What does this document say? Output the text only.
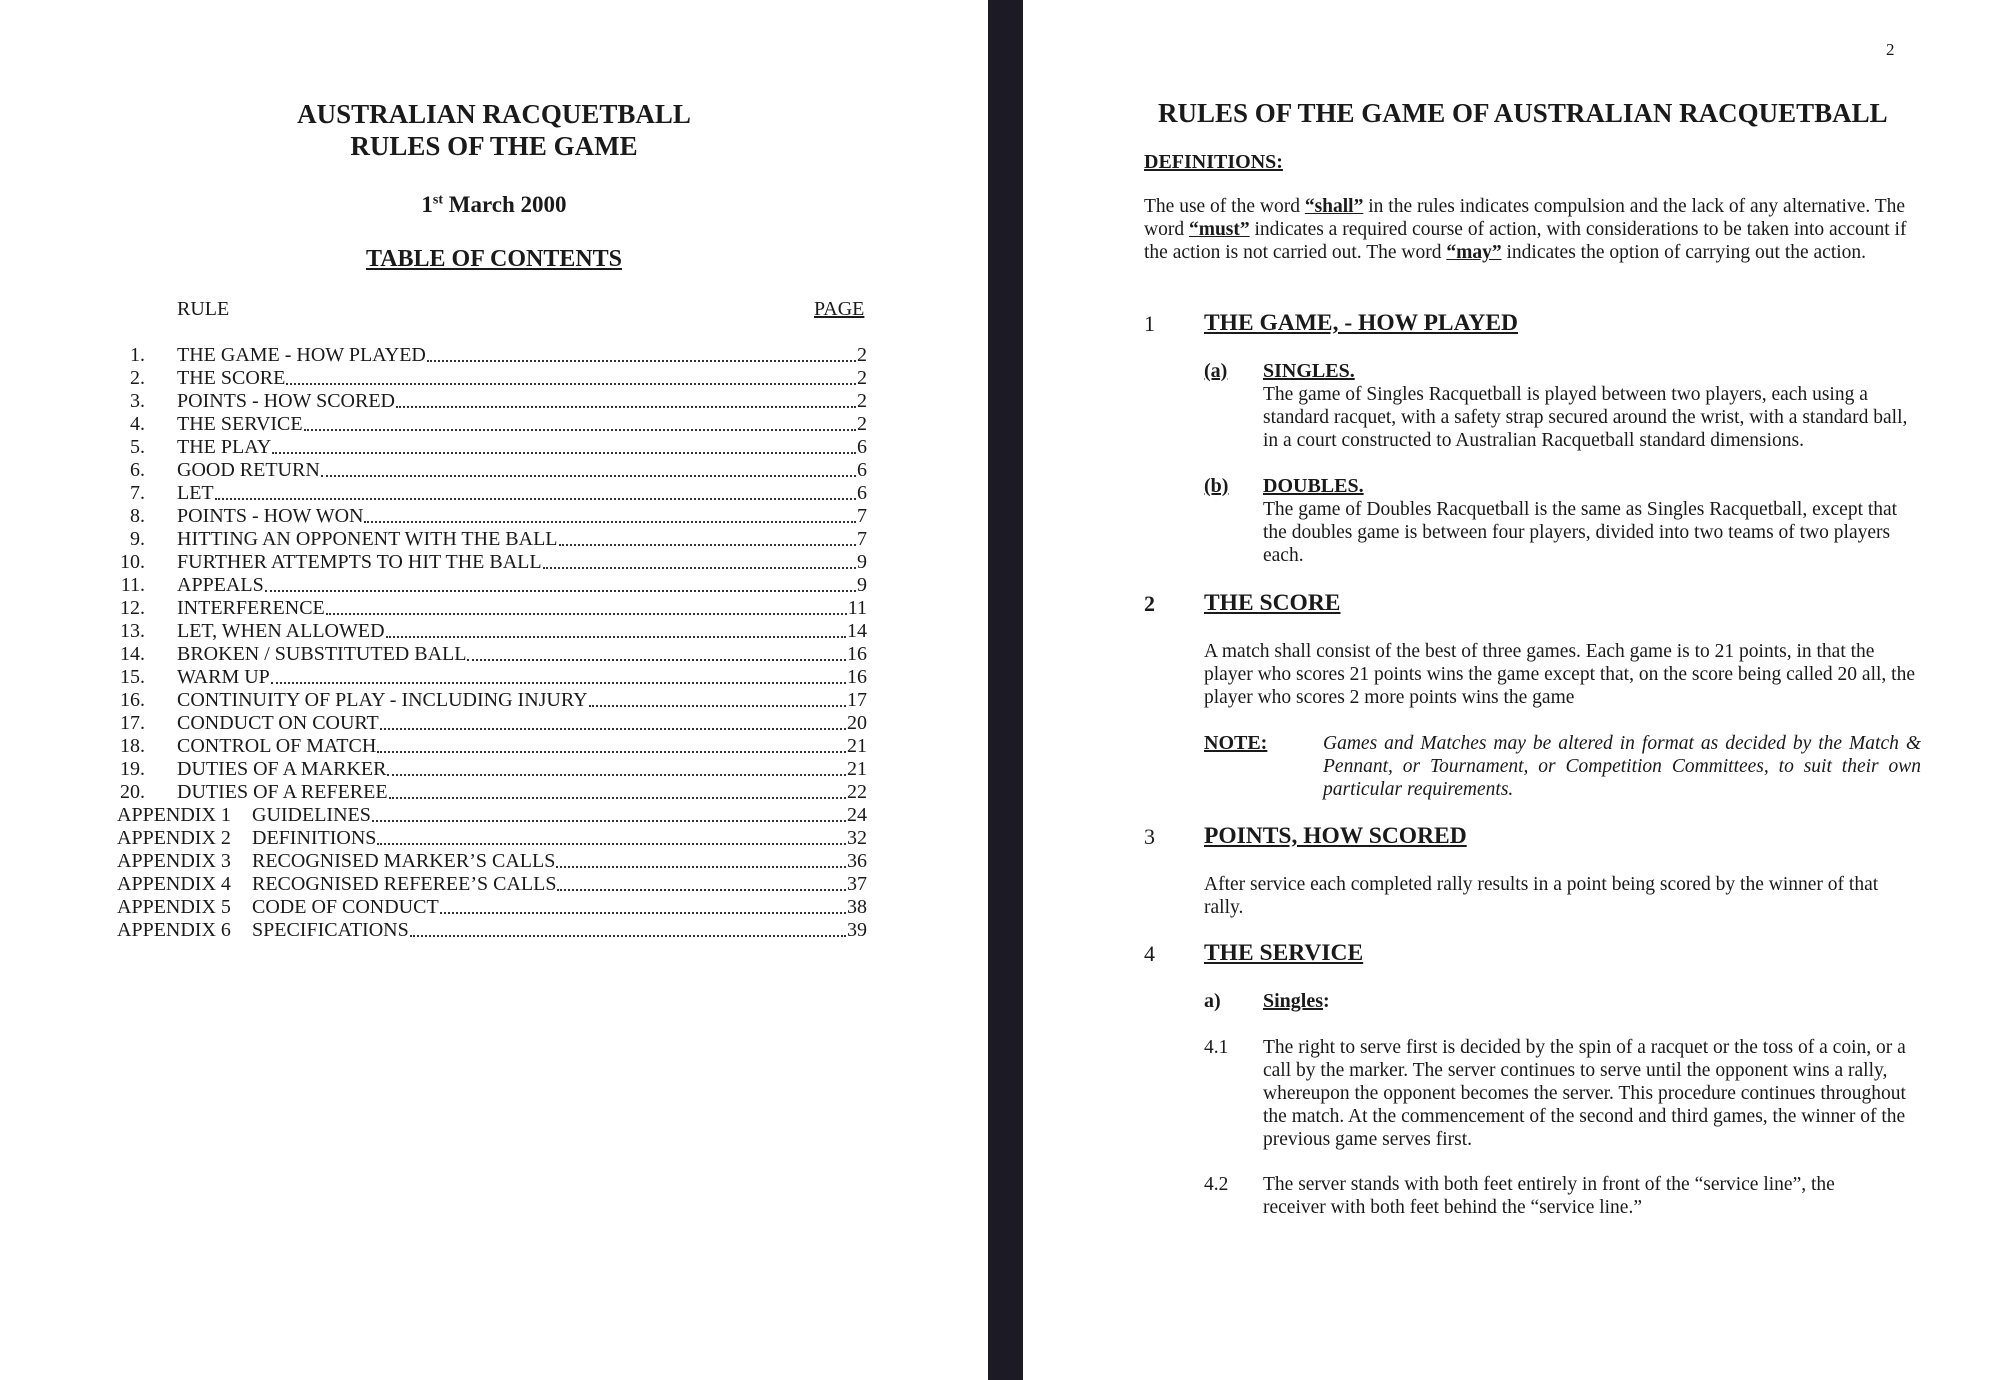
AUSTRALIAN RACQUETBALL
RULES OF THE GAME
1st March 2000
TABLE OF CONTENTS
RULE	PAGE
1. THE GAME - HOW PLAYED	2
2. THE SCORE	2
3. POINTS - HOW SCORED	2
4. THE SERVICE	2
5. THE PLAY	6
6. GOOD RETURN	6
7. LET	6
8. POINTS - HOW WON	7
9. HITTING AN OPPONENT WITH THE BALL	7
10. FURTHER ATTEMPTS TO HIT THE BALL	9
11. APPEALS	9
12. INTERFERENCE	11
13. LET, WHEN ALLOWED	14
14. BROKEN / SUBSTITUTED BALL	16
15. WARM UP	16
16. CONTINUITY OF PLAY - INCLUDING INJURY	17
17. CONDUCT ON COURT	20
18. CONTROL OF MATCH	21
19. DUTIES OF A MARKER	21
20. DUTIES OF A REFEREE	22
APPENDIX 1	GUIDELINES	24
APPENDIX 2	DEFINITIONS	32
APPENDIX 3	RECOGNISED MARKER’S CALLS	36
APPENDIX 4	RECOGNISED REFEREE’S CALLS	37
APPENDIX 5	CODE OF CONDUCT	38
APPENDIX 6	SPECIFICATIONS	39
2
RULES OF THE GAME OF AUSTRALIAN RACQUETBALL
DEFINITIONS:
The use of the word “shall” in the rules indicates compulsion and the lack of any alternative. The word “must” indicates a required course of action, with considerations to be taken into account if the action is not carried out. The word “may” indicates the option of carrying out the action.
1 THE GAME, - HOW PLAYED
(a) SINGLES.
The game of Singles Racquetball is played between two players, each using a standard racquet, with a safety strap secured around the wrist, with a standard ball, in a court constructed to Australian Racquetball standard dimensions.
(b) DOUBLES.
The game of Doubles Racquetball is the same as Singles Racquetball, except that the doubles game is between four players, divided into two teams of two players each.
2 THE SCORE
A match shall consist of the best of three games. Each game is to 21 points, in that the player who scores 21 points wins the game except that, on the score being called 20 all, the player who scores 2 more points wins the game
NOTE:	Games and Matches may be altered in format as decided by the Match & Pennant, or Tournament, or Competition Committees, to suit their own particular requirements.
3 POINTS, HOW SCORED
After service each completed rally results in a point being scored by the winner of that rally.
4 THE SERVICE
a) Singles:
4.1 The right to serve first is decided by the spin of a racquet or the toss of a coin, or a call by the marker. The server continues to serve until the opponent wins a rally, whereupon the opponent becomes the server. This procedure continues throughout the match. At the commencement of the second and third games, the winner of the previous game serves first.
4.2 The server stands with both feet entirely in front of the “service line”, the receiver with both feet behind the “service line.”
